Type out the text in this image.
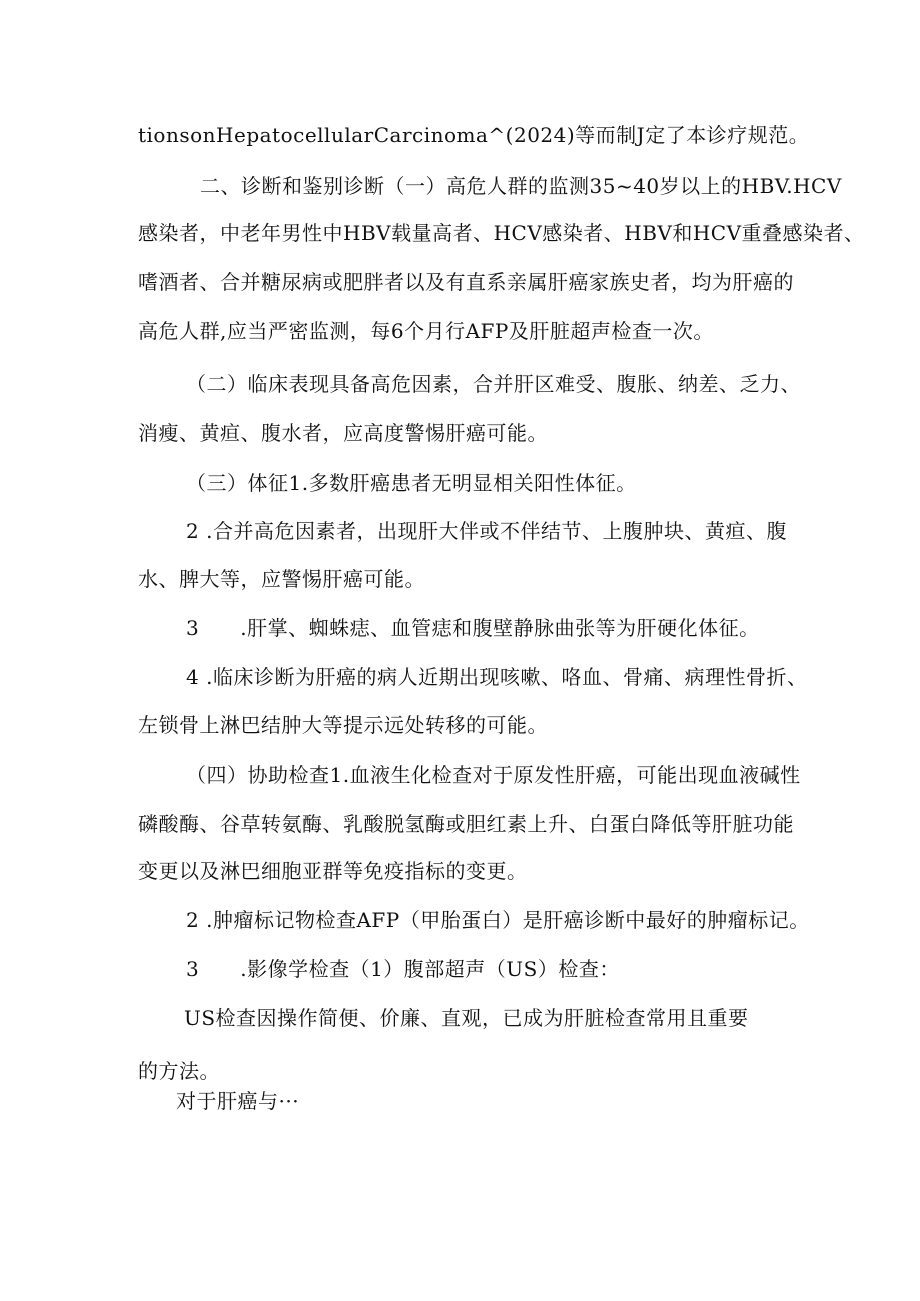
tionsonHepatocellularCarcinoma^(2024)等而制J定了本诊疗规范。
二、诊断和鉴别诊断（一）高危人群的监测35~40岁以上的HBV.HCV
感染者，中老年男性中HBV载量高者、HCV感染者、HBV和HCV重叠感染者、
嗜酒者、合并糖尿病或肥胖者以及有直系亲属肝癌家族史者，均为肝癌的
高危人群,应当严密监测，每6个月行AFP及肝脏超声检查一次。
（二）临床表现具备高危因素，合并肝区难受、腹胀、纳差、乏力、
消瘦、黄疸、腹水者，应高度警惕肝癌可能。
（三）体征1.多数肝癌患者无明显相关阳性体征。
2 .合并高危因素者，出现肝大伴或不伴结节、上腹肿块、黄疸、腹
水、脾大等，应警惕肝癌可能。
3　　.肝掌、蜘蛛痣、血管痣和腹壁静脉曲张等为肝硬化体征。
4 .临床诊断为肝癌的病人近期出现咳嗽、咯血、骨痛、病理性骨折、
左锁骨上淋巴结肿大等提示远处转移的可能。
（四）协助检查1.血液生化检查对于原发性肝癌，可能出现血液碱性
磷酸酶、谷草转氨酶、乳酸脱氢酶或胆红素上升、白蛋白降低等肝脏功能
变更以及淋巴细胞亚群等免疫指标的变更。
2 .肿瘤标记物检查AFP（甲胎蛋白）是肝癌诊断中最好的肿瘤标记。
3　　.影像学检查（1）腹部超声（US）检查：
US检查因操作简便、价廉、直观，已成为肝脏检查常用且重要
的方法。
对于肝癌与···
